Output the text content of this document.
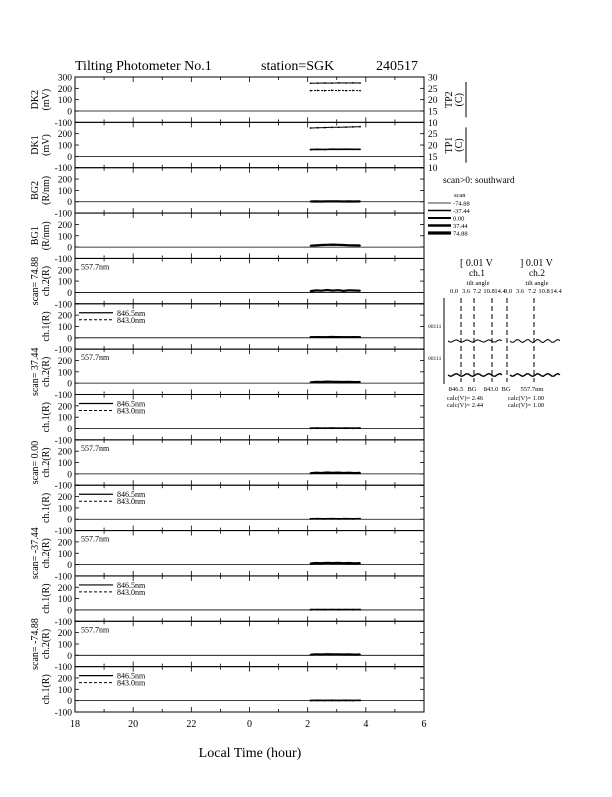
Tilting Photometer No.1	station=SGK	240517
Local Time (hour)
-100
0
100
200
300
DK2 (mV)
10
15
20
25
30
TP2 (C)
-100
0
100
200
DK1 (mV)
10
15
20
25
TP1 (C)
-100
0
100
200
BG2 (R/nm)
-100
0
100
200
BG1 (R/nm)
-100
0
100
200
scan= 74.88 ch.2(R)	557.7nm
-100
0
100
200
ch.1(R)	846.5nm
843.0nm
-100
0
100
200
scan= 37.44 ch.2(R)	557.7nm
-100
0
100
200
ch.1(R)	846.5nm
843.0nm
-100
0
100
200
scan= 0.00 ch.2(R)	557.7nm
-100
0
100
200
ch.1(R)	846.5nm
843.0nm
-100
0
100
200
scan= -37.44 ch.2(R)	557.7nm
-100
0
100
200
ch.1(R)	846.5nm
843.0nm
-100
0
100
200
scan= -74.88 ch.2(R)	557.7nm
-100
0
100
200
ch.1(R)	846.5nm
843.0nm
18	20	22	0	2	4	6
scan>0: southward
scan
-74.88
-37.44
0.00
37.44
74.88
[ 0.01 V	] 0.01 V
ch.1	ch.2
tilt angle	tilt angle
0.0	0.0
3.6	3.6
7.2	7.2
10.8	10.8
14.4	14.4
00111
00111
846.5 BG 843.0 BG 557.7nm
calc(V)= 2.46
calc(V)= 2.44
calc(V)= 1.00
calc(V)= 1.00
